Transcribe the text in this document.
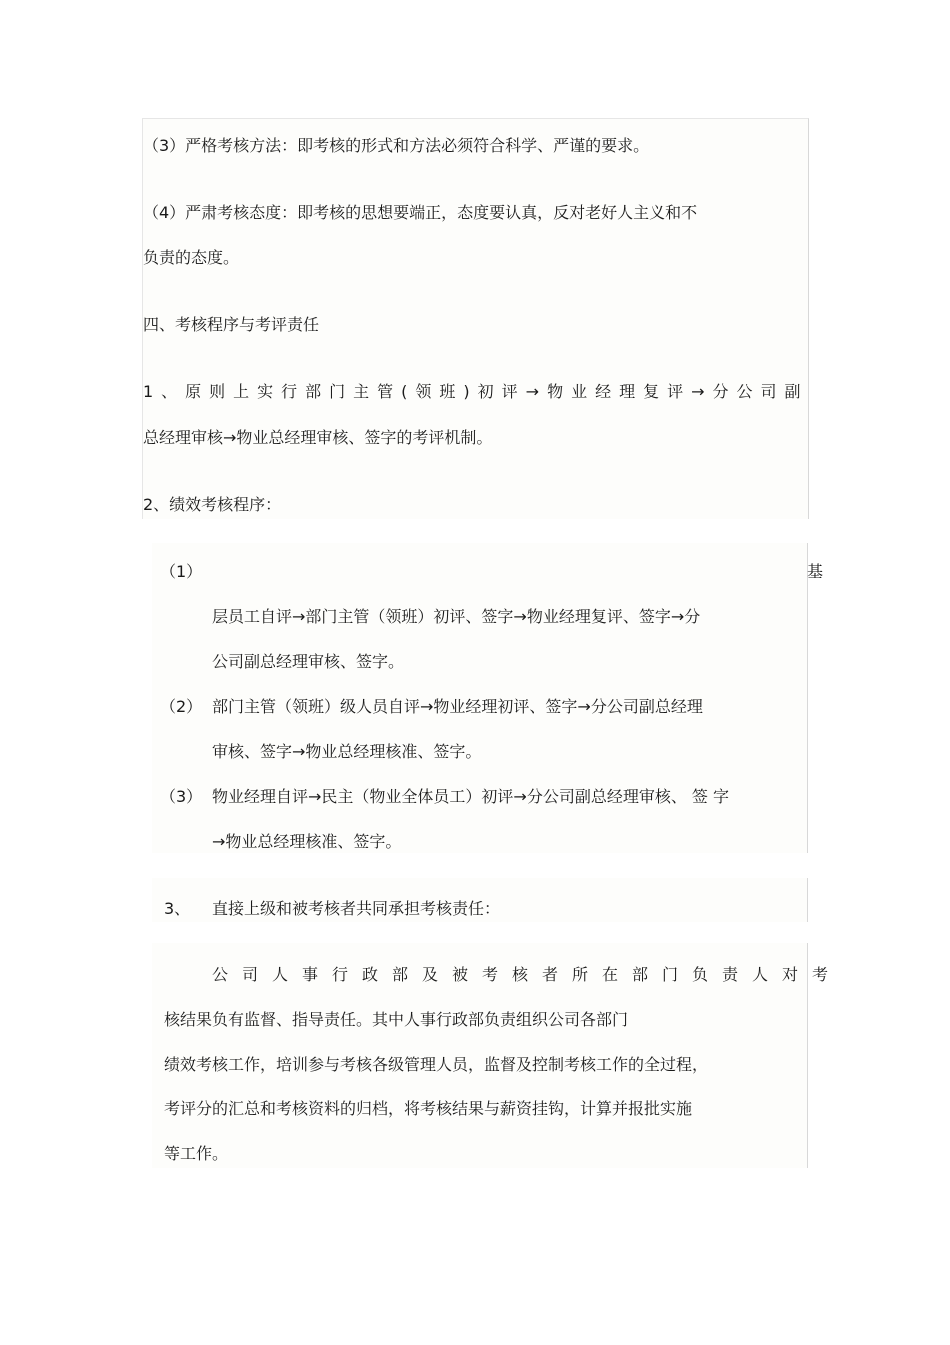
（3）严格考核方法：即考核的形式和方法必须符合科学、严谨的要求。
（4）严肃考核态度：即考核的思想要端正，态度要认真，反对老好人主义和不
负责的态度。
四、考核程序与考评责任
1、原则上实行部门主管(领班)初评→物业经理复评→分公司副
总经理审核→物业总经理审核、签字的考评机制。
2、绩效考核程序：
（1）	基
层员工自评→部门主管（领班）初评、签字→物业经理复评、签字→分
公司副总经理审核、签字。
（2） 部门主管（领班）级人员自评→物业经理初评、签字→分公司副总经理
审核、签字→物业总经理核准、签字。
（3） 物业经理自评→民主（物业全体员工）初评→分公司副总经理审核、 签 字
→物业总经理核准、签字。
3、 直接上级和被考核者共同承担考核责任：
公司人事行政部及被考核者所在部门负责人对考
核结果负有监督、指导责任。其中人事行政部负责组织公司各部门
绩效考核工作，培训参与考核各级管理人员，监督及控制考核工作的全过程，
考评分的汇总和考核资料的归档，将考核结果与薪资挂钩，计算并报批实施
等工作。
